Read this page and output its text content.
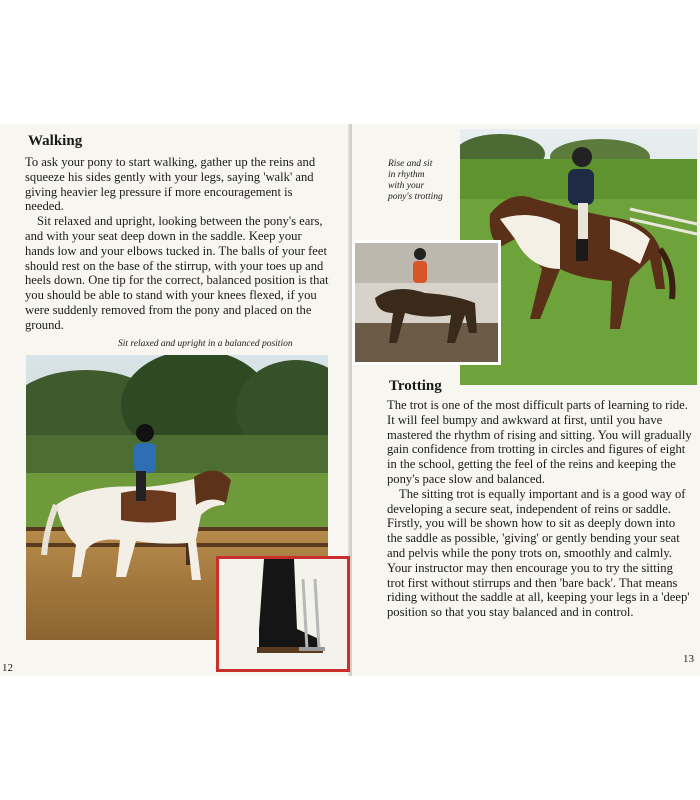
Walking

To ask your pony to start walking, gather up the reins and squeeze his sides gently with your legs, saying 'walk' and giving heavier leg pressure if more encouragement is needed.

Sit relaxed and upright, looking between the pony's ears, and with your seat deep down in the saddle. Keep your hands low and your elbows tucked in. The balls of your feet should rest on the base of the stirrup, with your toes up and heels down. One tip for the correct, balanced position is that you should be able to stand with your knees flexed, if you were suddenly removed from the pony and placed on the ground.

Sit relaxed and upright in a balanced position
12
Rise and sit
in rhythm
with your
pony's trotting
Trotting

The trot is one of the most difficult parts of learning to ride. It will feel bumpy and awkward at first, until you have mastered the rhythm of rising and sitting. You will gradually gain confidence from trotting in circles and figures of eight in the school, getting the feel of the reins and keeping the pony's pace slow and balanced.

The sitting trot is equally important and is a good way of developing a secure seat, independent of reins or saddle. Firstly, you will be shown how to sit as deeply down into the saddle as possible, 'giving' or gently bending your seat and pelvis while the pony trots on, smoothly and calmly. Your instructor may then encourage you to try the sitting trot first without stirrups and then 'bare back'. That means riding without the saddle at all, keeping your legs in a 'deep' position so that you stay balanced and in control.

13
